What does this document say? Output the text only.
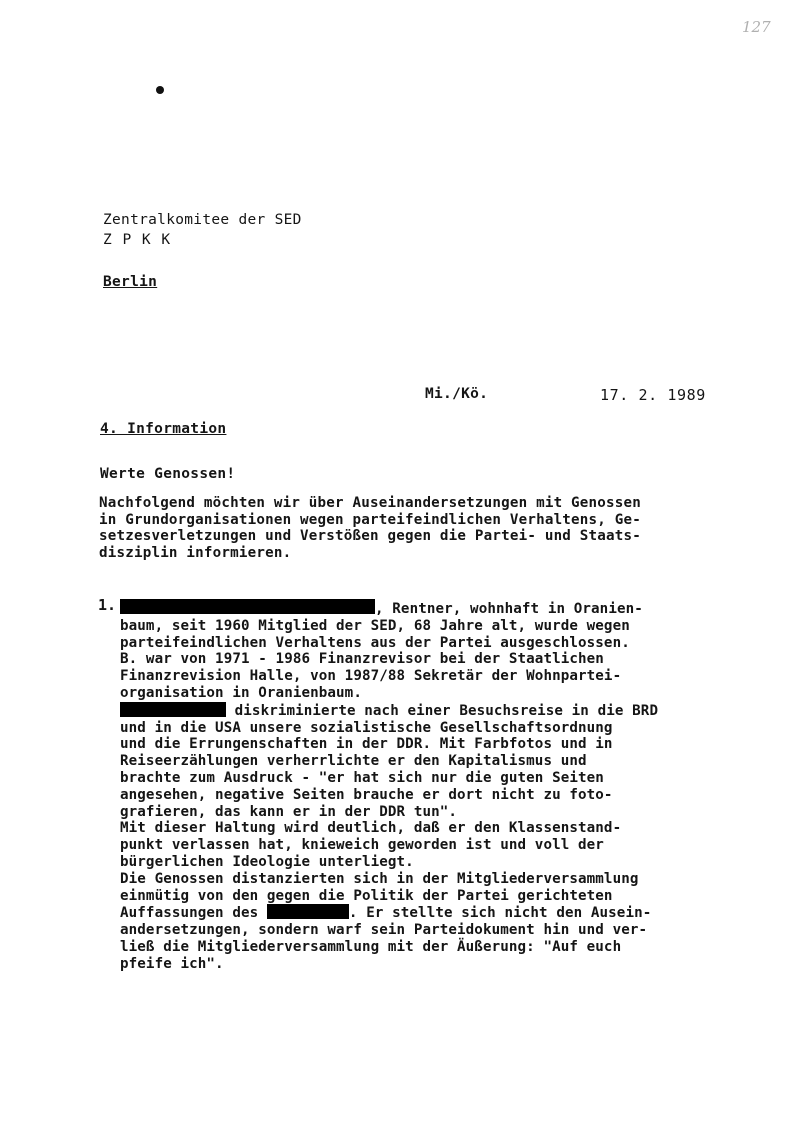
127
Zentralkomitee der SED
Z P K K
Berlin
Mi./Kö.	17. 2. 1989
4. Information
Werte Genossen!
Nachfolgend möchten wir über Auseinandersetzungen mit Genossen
in Grundorganisationen wegen parteifeindlichen Verhaltens, Ge-
setzesverletzungen und Verstößen gegen die Partei- und Staats-
disziplin informieren.
1.	, Rentner, wohnhaft in Oranien-
baum, seit 1960 Mitglied der SED, 68 Jahre alt, wurde wegen
parteifeindlichen Verhaltens aus der Partei ausgeschlossen.
B. war von 1971 - 1986 Finanzrevisor bei der Staatlichen
Finanzrevision Halle, von 1987/88 Sekretär der Wohnpartei-
organisation in Oranienbaum.
diskriminierte nach einer Besuchsreise in die BRD
und in die USA unsere sozialistische Gesellschaftsordnung
und die Errungenschaften in der DDR. Mit Farbfotos und in
Reiseerzählungen verherrlichte er den Kapitalismus und
brachte zum Ausdruck - "er hat sich nur die guten Seiten
angesehen, negative Seiten brauche er dort nicht zu foto-
grafieren, das kann er in der DDR tun".
Mit dieser Haltung wird deutlich, daß er den Klassenstand-
punkt verlassen hat, knieweich geworden ist und voll der
bürgerlichen Ideologie unterliegt.
Die Genossen distanzierten sich in der Mitgliederversammlung
einmütig von den gegen die Politik der Partei gerichteten
Auffassungen des	. Er stellte sich nicht den Ausein-
andersetzungen, sondern warf sein Parteidokument hin und ver-
ließ die Mitgliederversammlung mit der Äußerung: "Auf euch
pfeife ich".
